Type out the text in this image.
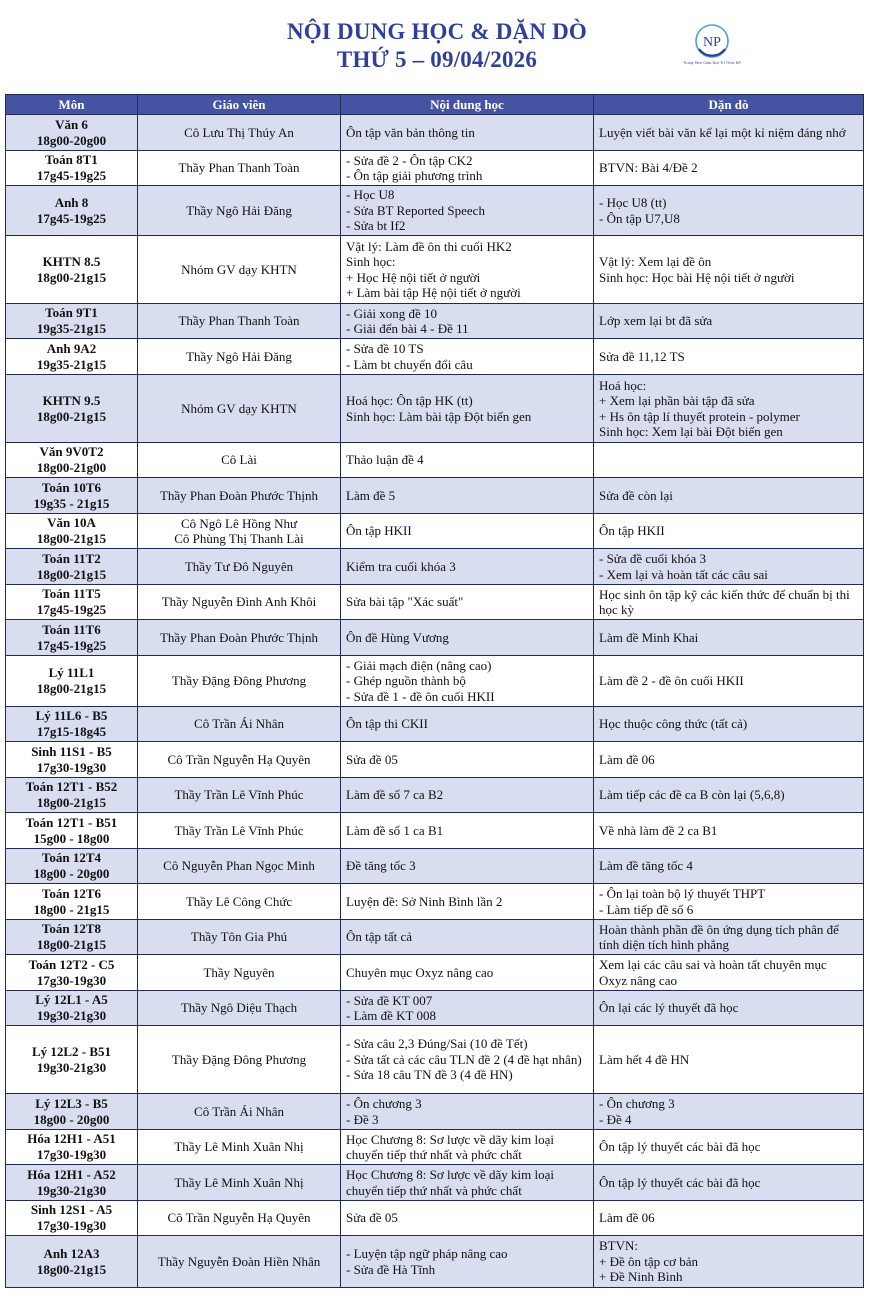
NỘI DUNG HỌC & DẶN DÒ
THỨ 5 – 09/04/2026
NP
Trung Tâm Giáo Dục Tri Thức NP
Môn	Giáo viên	Nội dung học	Dặn dò

Văn 6
18g00-20g00	Cô Lưu Thị Thúy An	Ôn tập văn bản thông tin	Luyện viết bài văn kể lại một kỉ niệm đáng nhớ

Toán 8T1
17g45-19g25	Thầy Phan Thanh Toàn	- Sửa đề 2 - Ôn tập CK2
- Ôn tập giải phương trình	BTVN: Bài 4/Đề 2

Anh 8
17g45-19g25	Thầy Ngô Hải Đăng	- Học U8
- Sửa BT Reported Speech
- Sửa bt If2	- Học U8 (tt)
- Ôn tập U7,U8

KHTN 8.5
18g00-21g15	Nhóm GV dạy KHTN	Vật lý: Làm đề ôn thi cuối HK2
Sinh học:
+ Học Hệ nội tiết ở người
+ Làm bài tập Hệ nội tiết ở người	Vật lý: Xem lại đề ôn
Sinh học: Học bài Hệ nội tiết ở người

Toán 9T1
19g35-21g15	Thầy Phan Thanh Toàn	- Giải xong đề 10
- Giải đến bài 4 - Đề 11	Lớp xem lại bt đã sửa

Anh 9A2
19g35-21g15	Thầy Ngô Hải Đăng	- Sửa đề 10 TS
- Làm bt chuyển đổi câu	Sửa đề 11,12 TS

KHTN 9.5
18g00-21g15	Nhóm GV dạy KHTN	Hoá học: Ôn tập HK (tt)
Sinh học: Làm bài tập Đột biến gen	Hoá học:
+ Xem lại phần bài tập đã sửa
+ Hs ôn tập lí thuyết protein - polymer
Sinh học: Xem lại bài Đột biến gen

Văn 9V0T2
18g00-21g00	Cô Lài	Thảo luận đề 4	

Toán 10T6
19g35 - 21g15	Thầy Phan Đoàn Phước Thịnh	Làm đề 5	Sửa đề còn lại

Văn 10A
18g00-21g15	Cô Ngô Lê Hồng Như
Cô Phùng Thị Thanh Lài	Ôn tập HKII	Ôn tập HKII

Toán 11T2
18g00-21g15	Thầy Tư Đô Nguyên	Kiểm tra cuối khóa 3	- Sửa đề cuối khóa 3
- Xem lại và hoàn tất các câu sai

Toán 11T5
17g45-19g25	Thầy Nguyễn Đình Anh Khôi	Sửa bài tập "Xác suất"	Học sinh ôn tập kỹ các kiến thức để chuẩn bị thi học kỳ

Toán 11T6
17g45-19g25	Thầy Phan Đoàn Phước Thịnh	Ôn đề Hùng Vương	Làm đề Minh Khai

Lý 11L1
18g00-21g15	Thầy Đặng Đông Phương	- Giải mạch điện (nâng cao)
- Ghép nguồn thành bộ
- Sửa đề 1 - đề ôn cuối HKII	Làm đề 2 - đề ôn cuối HKII

Lý 11L6 - B5
17g15-18g45	Cô Trần Ái Nhân	Ôn tập thi CKII	Học thuộc công thức (tất cả)

Sinh 11S1 - B5
17g30-19g30	Cô Trần Nguyễn Hạ Quyên	Sửa đề 05	Làm đề 06

Toán 12T1 - B52
18g00-21g15	Thầy Trần Lê Vĩnh Phúc	Làm đề số 7 ca B2	Làm tiếp các đề ca B còn lại (5,6,8)

Toán 12T1 - B51
15g00 - 18g00	Thầy Trần Lê Vĩnh Phúc	Làm đề số 1 ca B1	Về nhà làm đề 2 ca B1

Toán 12T4
18g00 - 20g00	Cô Nguyễn Phan Ngọc Minh	Đề tăng tốc 3	Làm đề tăng tốc 4

Toán 12T6
18g00 - 21g15	Thầy Lê Công Chức	Luyện đề: Sở Ninh Bình lần 2	- Ôn lại toàn bộ lý thuyết THPT
- Làm tiếp đề số 6

Toán 12T8
18g00-21g15	Thầy Tôn Gia Phú	Ôn tập tất cả	Hoàn thành phần đề ôn ứng dụng tích phân để tính diện tích hình phẳng

Toán 12T2 - C5
17g30-19g30	Thầy Nguyên	Chuyên mục Oxyz nâng cao	Xem lại các câu sai và hoàn tất chuyên mục Oxyz nâng cao

Lý 12L1 - A5
19g30-21g30	Thầy Ngô Diệu Thạch	- Sửa đề KT 007
- Làm đề KT 008	Ôn lại các lý thuyết đã học

Lý 12L2 - B51
19g30-21g30	Thầy Đặng Đông Phương	- Sửa câu 2,3 Đúng/Sai (10 đề Tết)
- Sửa tất cả các câu TLN đề 2 (4 đề hạt nhân)
- Sửa 18 câu TN đề 3 (4 đề HN)	Làm hết 4 đề HN

Lý 12L3 - B5
18g00 - 20g00	Cô Trần Ái Nhân	- Ôn chương 3
- Đề 3	- Ôn chương 3
- Đề 4

Hóa 12H1 - A51
17g30-19g30	Thầy Lê Minh Xuân Nhị	Học Chương 8: Sơ lược về dãy kim loại chuyển tiếp thứ nhất và phức chất	Ôn tập lý thuyết các bài đã học

Hóa 12H1 - A52
19g30-21g30	Thầy Lê Minh Xuân Nhị	Học Chương 8: Sơ lược về dãy kim loại chuyển tiếp thứ nhất và phức chất	Ôn tập lý thuyết các bài đã học

Sinh 12S1 - A5
17g30-19g30	Cô Trần Nguyễn Hạ Quyên	Sửa đề 05	Làm đề 06

Anh 12A3
18g00-21g15	Thầy Nguyễn Đoàn Hiền Nhân	- Luyện tập ngữ pháp nâng cao
- Sửa đề Hà Tĩnh	BTVN:
+ Đề ôn tập cơ bản
+ Đề Ninh Bình
